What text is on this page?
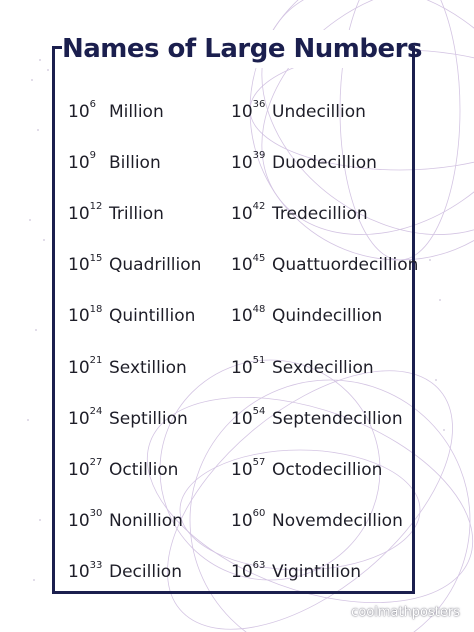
Names of Large Numbers
$10^6$ Million
$10^9$ Billion
$10^{12}$ Trillion
$10^{15}$ Quadrillion
$10^{18}$ Quintillion
$10^{21}$ Sextillion
$10^{24}$ Septillion
$10^{27}$ Octillion
$10^{30}$ Nonillion
$10^{33}$ Decillion
$10^{36}$ Undecillion
$10^{39}$ Duodecillion
$10^{42}$ Tredecillion
$10^{45}$ Quattuordecillion
$10^{48}$ Quindecillion
$10^{51}$ Sexdecillion
$10^{54}$ Septendecillion
$10^{57}$ Octodecillion
$10^{60}$ Novemdecillion
$10^{63}$ Vigintillion
coolmathposters
